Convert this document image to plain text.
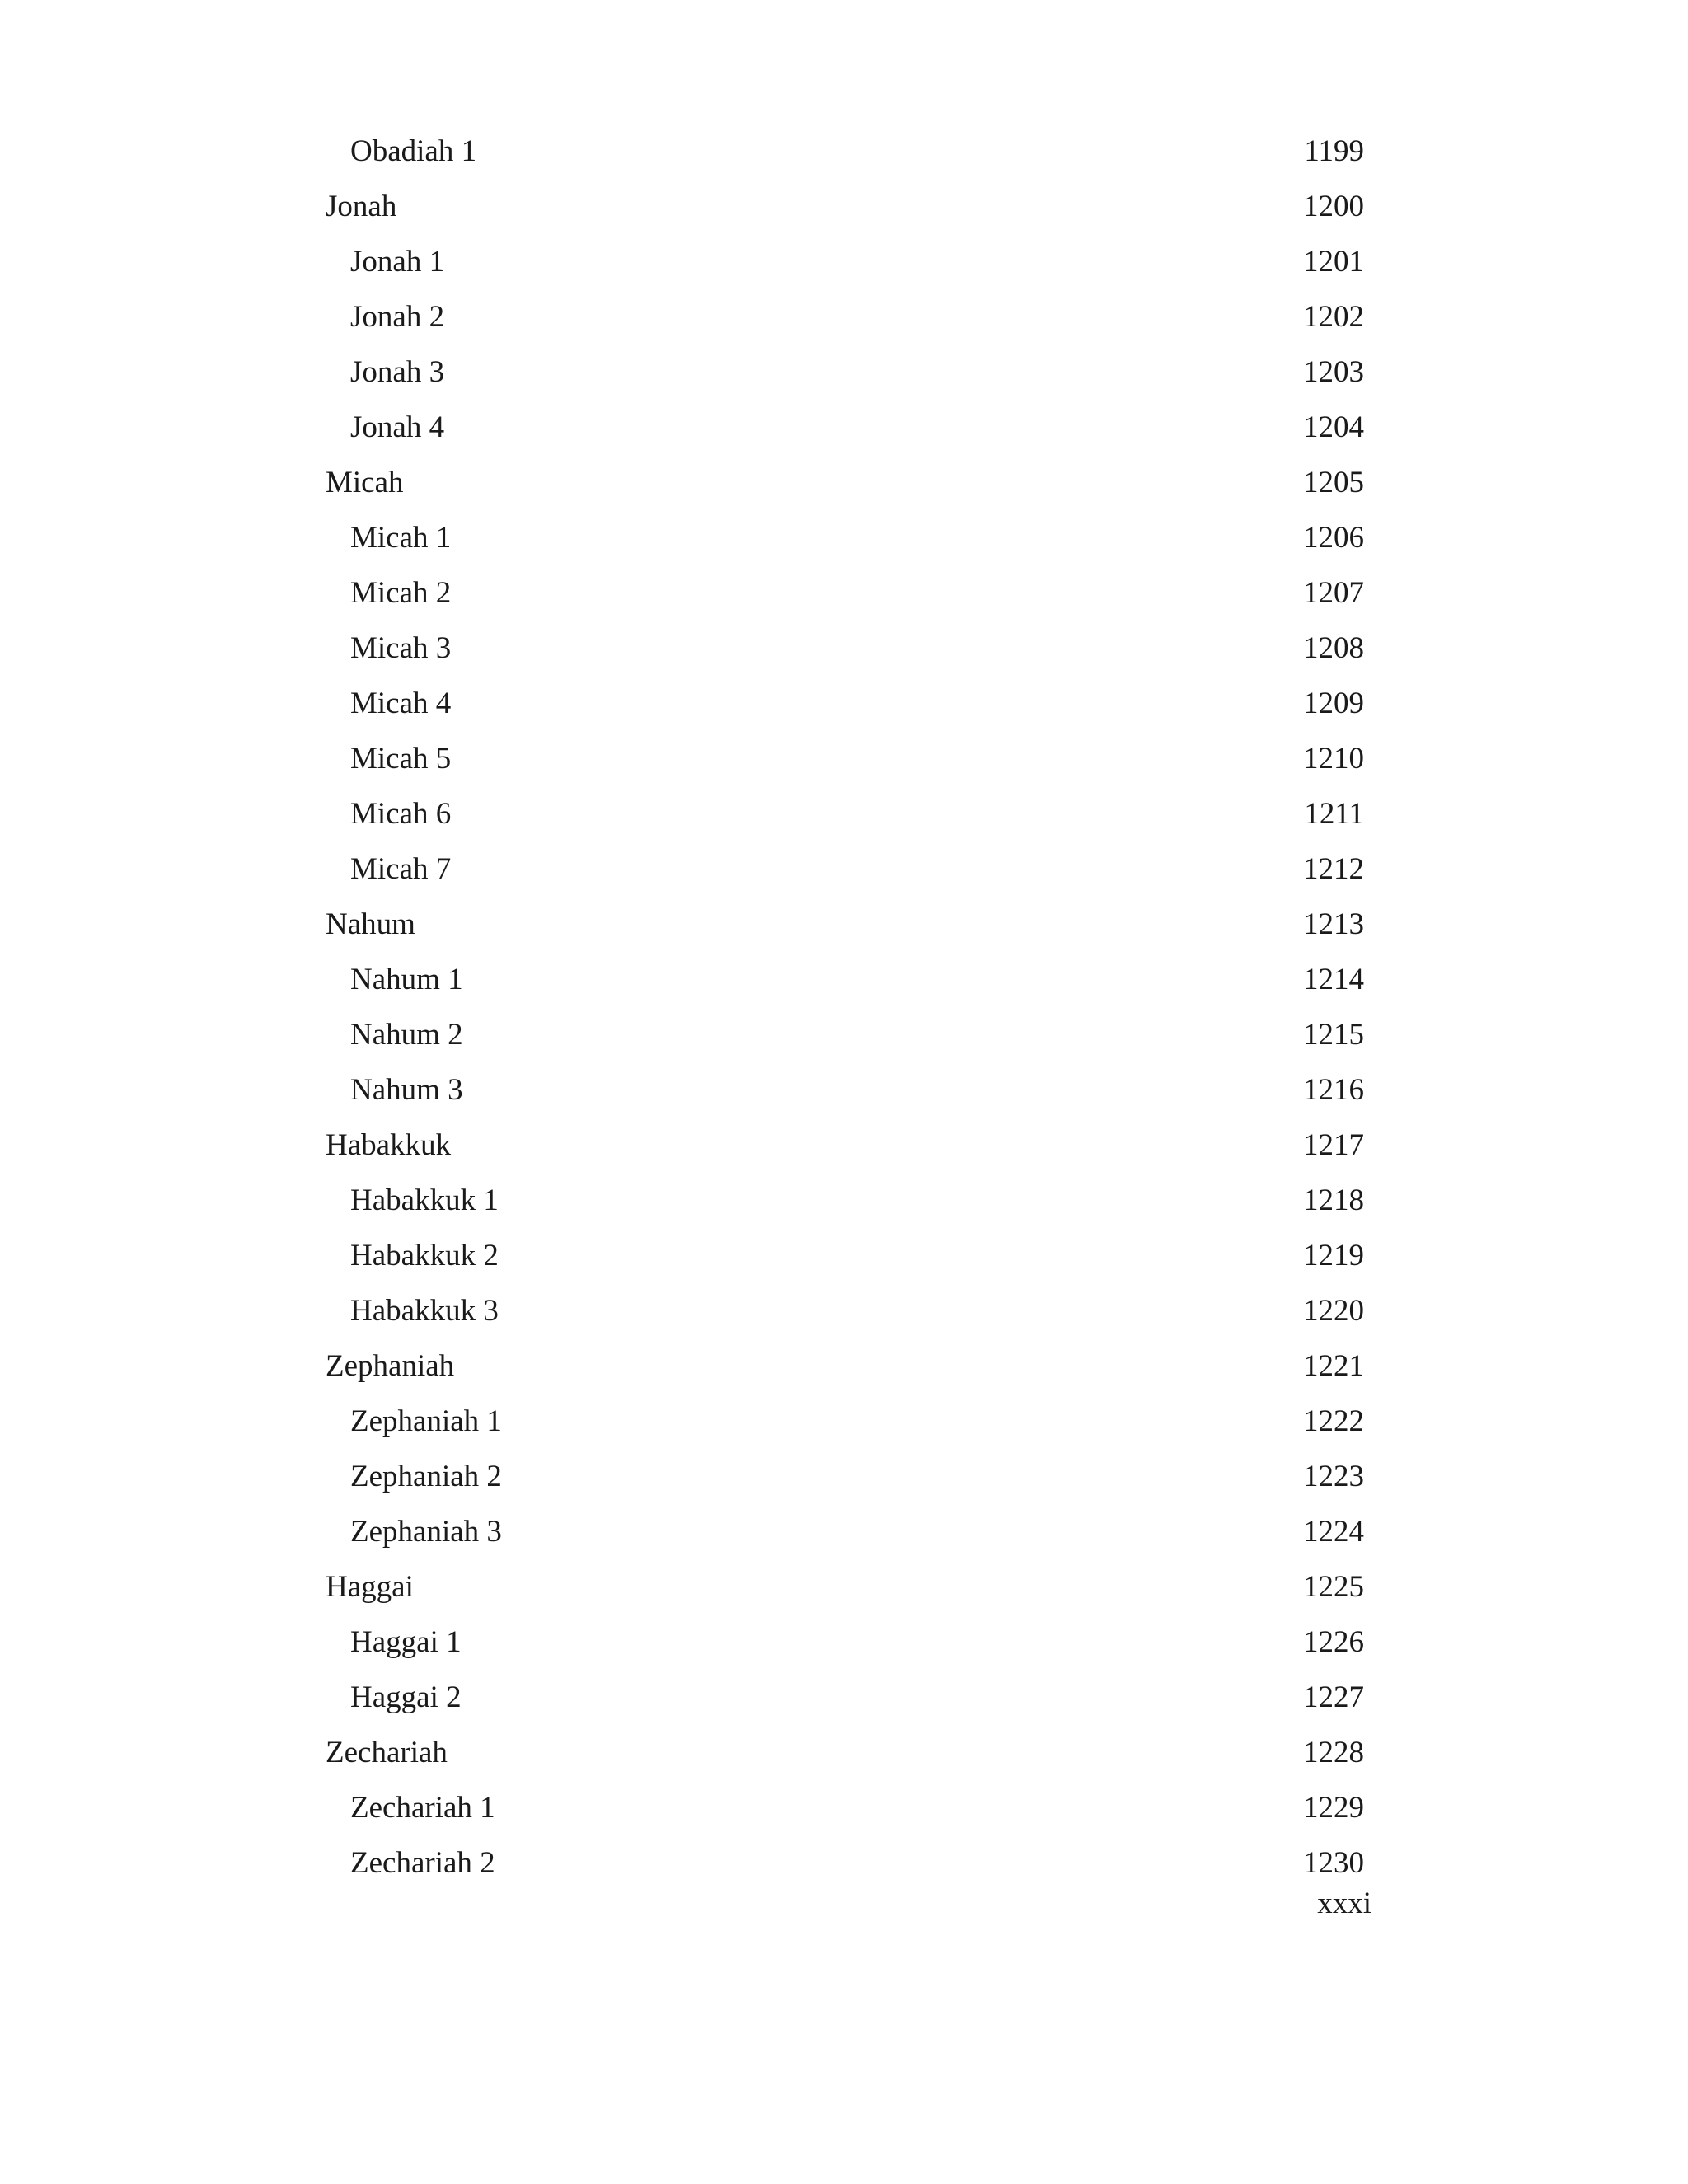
Obadiah 1	1199
Jonah	1200
Jonah 1	1201
Jonah 2	1202
Jonah 3	1203
Jonah 4	1204
Micah	1205
Micah 1	1206
Micah 2	1207
Micah 3	1208
Micah 4	1209
Micah 5	1210
Micah 6	1211
Micah 7	1212
Nahum	1213
Nahum 1	1214
Nahum 2	1215
Nahum 3	1216
Habakkuk	1217
Habakkuk 1	1218
Habakkuk 2	1219
Habakkuk 3	1220
Zephaniah	1221
Zephaniah 1	1222
Zephaniah 2	1223
Zephaniah 3	1224
Haggai	1225
Haggai 1	1226
Haggai 2	1227
Zechariah	1228
Zechariah 1	1229
Zechariah 2	1230
xxxi
